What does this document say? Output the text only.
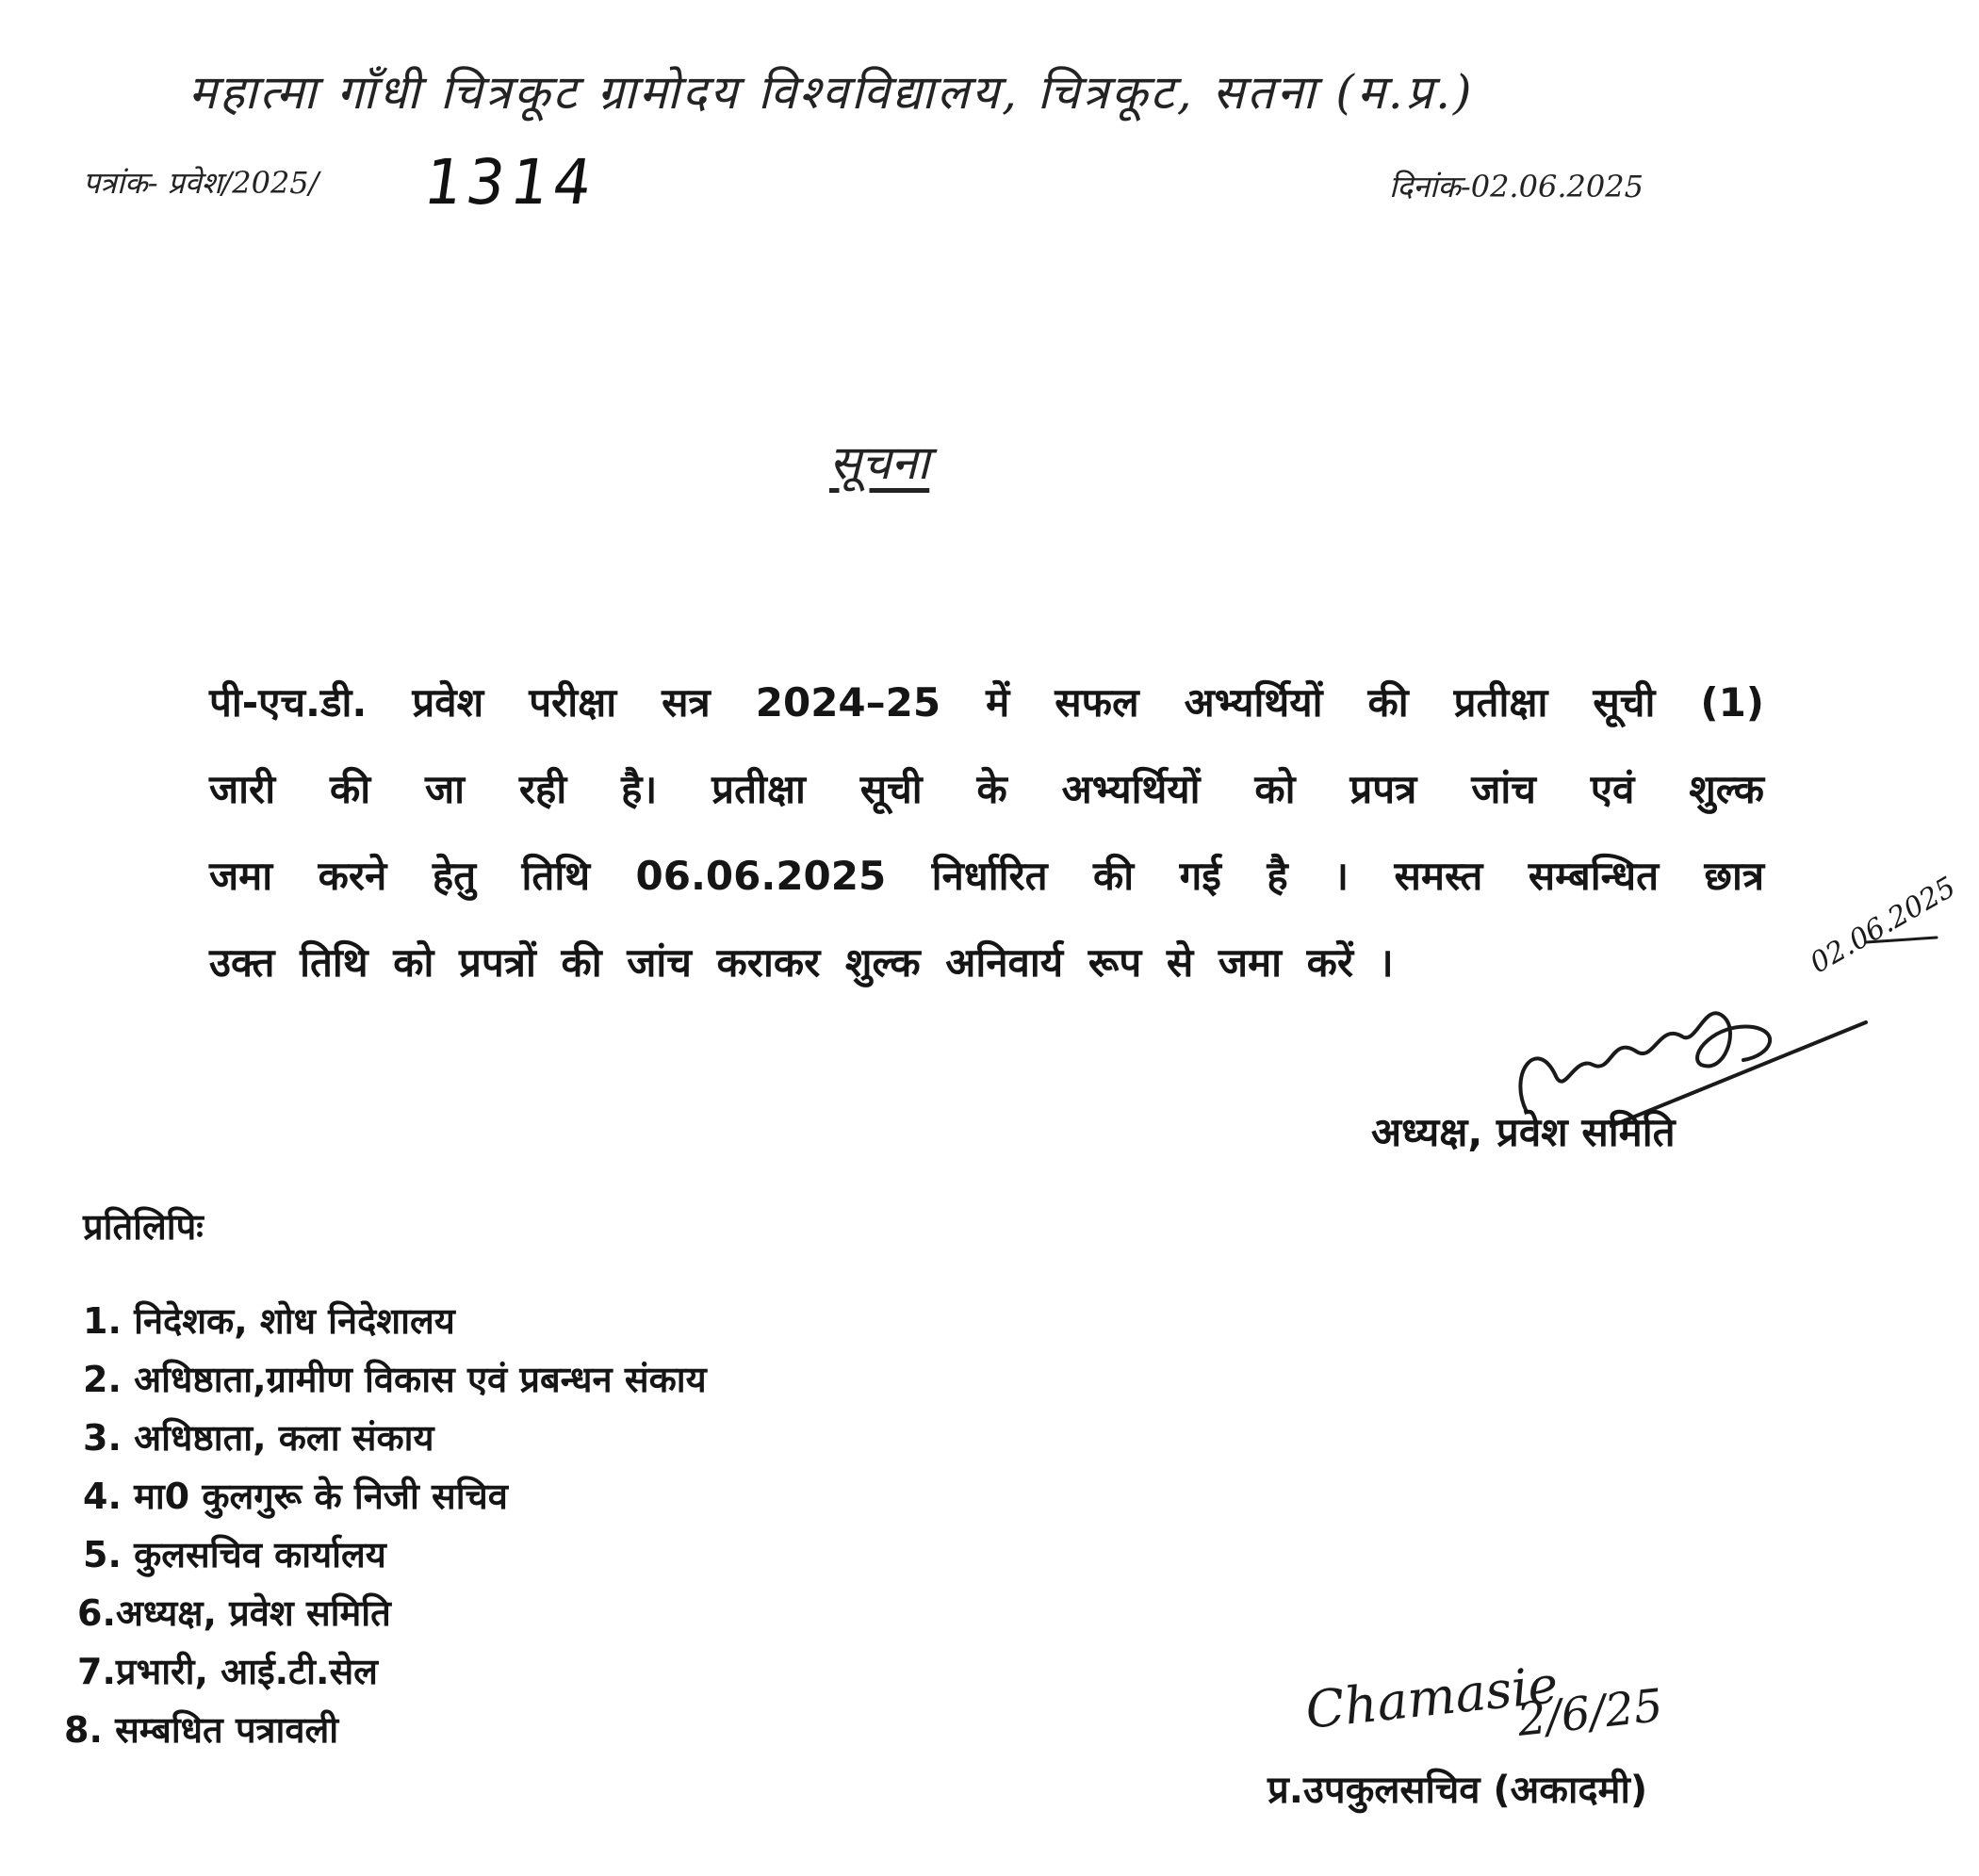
महात्मा गाँधी चित्रकूट ग्रामोदय विश्वविद्यालय, चित्रकूट, सतना (म.प्र.)
पत्रांक- प्रवेश/2025/ 1314	दिनांक-02.06.2025
सूचना
पी-एच.डी. प्रवेश परीक्षा सत्र 2024–25 में सफल अभ्यर्थियों की प्रतीक्षा सूची (1)
जारी की जा रही है। प्रतीक्षा सूची के अभ्यर्थियों को प्रपत्र जांच एवं शुल्क
जमा करने हेतु तिथि 06.06.2025 निर्धारित की गई है । समस्त सम्बन्धित छात्र
उक्त तिथि को प्रपत्रों की जांच कराकर शुल्क अनिवार्य रूप से जमा करें ।	02.06.2025
अध्यक्ष, प्रवेश समिति
प्रतिलिपिः
1. निदेशक, शोध निदेशालय
2. अधिष्ठाता,ग्रामीण विकास एवं प्रबन्धन संकाय
3. अधिष्ठाता, कला संकाय
4. मा0 कुलगुरू के निजी सचिव
5. कुलसचिव कार्यालय
6.अध्यक्ष, प्रवेश समिति
7.प्रभारी, आई.टी.सेल
8. सम्बधित पत्रावली	Chamasie
2/6/25
प्र.उपकुलसचिव (अकादमी)
